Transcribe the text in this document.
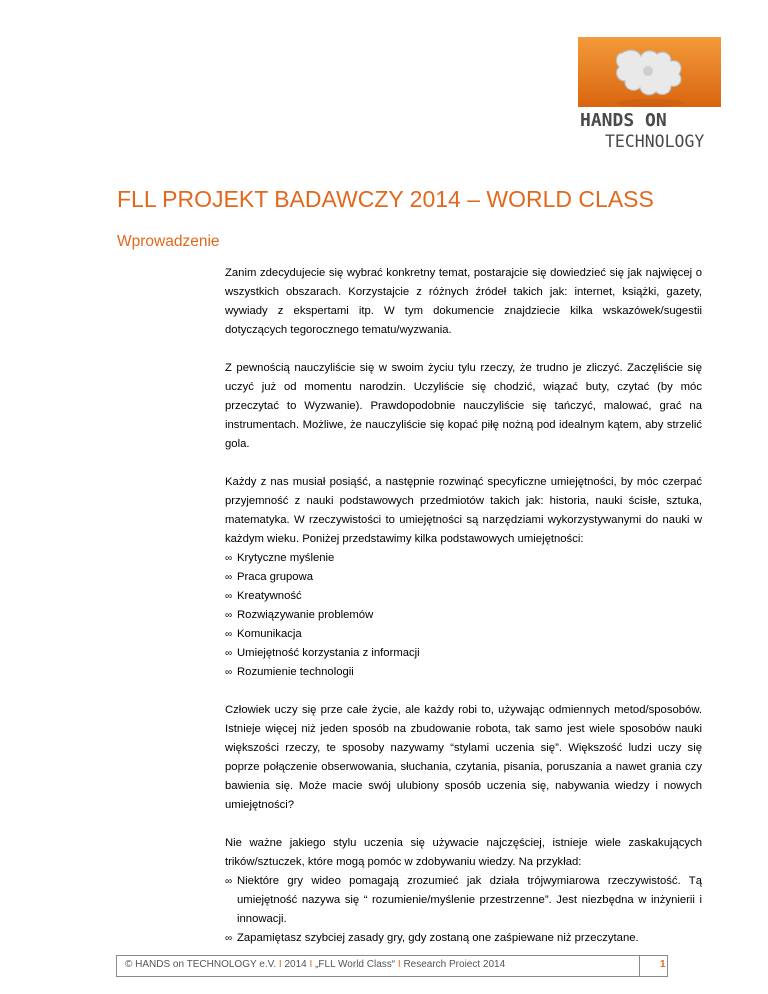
HANDS ON
TECHNOLOGY
FLL PROJEKT BADAWCZY 2014 – WORLD CLASS
Wprowadzenie

Zanim zdecydujecie się wybrać konkretny temat, postarajcie się dowiedzieć się jak najwięcej o wszystkich obszarach. Korzystajcie z różnych źródeł takich jak: internet, książki, gazety, wywiady z ekspertami itp. W tym dokumencie znajdziecie kilka wskazówek/sugestii dotyczących tegorocznego tematu/wyzwania.

Z pewnością nauczyliście się w swoim życiu tylu rzeczy, że trudno je zliczyć. Zaczęliście się uczyć już od momentu narodzin. Uczyliście się chodzić, wiązać buty, czytać (by móc przeczytać to Wyzwanie). Prawdopodobnie nauczyliście się tańczyć, malować, grać na instrumentach. Możliwe, że nauczyliście się kopać piłę nożną pod idealnym kątem, aby strzelić gola.

Każdy z nas musiał posiąść, a następnie rozwinąć specyficzne umiejętności, by móc czerpać przyjemność z nauki podstawowych przedmiotów takich jak: historia, nauki ścisłe, sztuka, matematyka. W rzeczywistości to umiejętności są narzędziami wykorzystywanymi do nauki w każdym wieku. Poniżej przedstawimy kilka podstawowych umiejętności:

∞ Krytyczne myślenie
∞ Praca grupowa
∞ Kreatywność
∞ Rozwiązywanie problemów
∞ Komunikacja
∞ Umiejętność korzystania z informacji
∞ Rozumienie technologii

Człowiek uczy się prze całe życie, ale każdy robi to, używając odmiennych metod/sposobów. Istnieje więcej niż jeden sposób na zbudowanie robota, tak samo jest wiele sposobów nauki większości rzeczy, te sposoby nazywamy “stylami uczenia się”. Większość ludzi uczy się poprze połączenie obserwowania, słuchania, czytania, pisania, poruszania a nawet grania czy bawienia się. Może macie swój ulubiony sposób uczenia się, nabywania wiedzy i nowych umiejętności?

Nie ważne jakiego stylu uczenia się używacie najczęściej, istnieje wiele zaskakujących trików/sztuczek, które mogą pomóc w zdobywaniu wiedzy. Na przykład:

∞ Niektóre gry wideo pomagają zrozumieć jak działa trójwymiarowa rzeczywistość. Tą umiejętność nazywa się “ rozumienie/myślenie przestrzenne”. Jest niezbędna w inżynierii i innowacji.
∞ Zapamiętasz szybciej zasady gry, gdy zostaną one zaśpiewane niż przeczytane.
© HANDS on TECHNOLOGY e.V. I 2014 I „FLL World Class“ I Research Proiect 2014	1
